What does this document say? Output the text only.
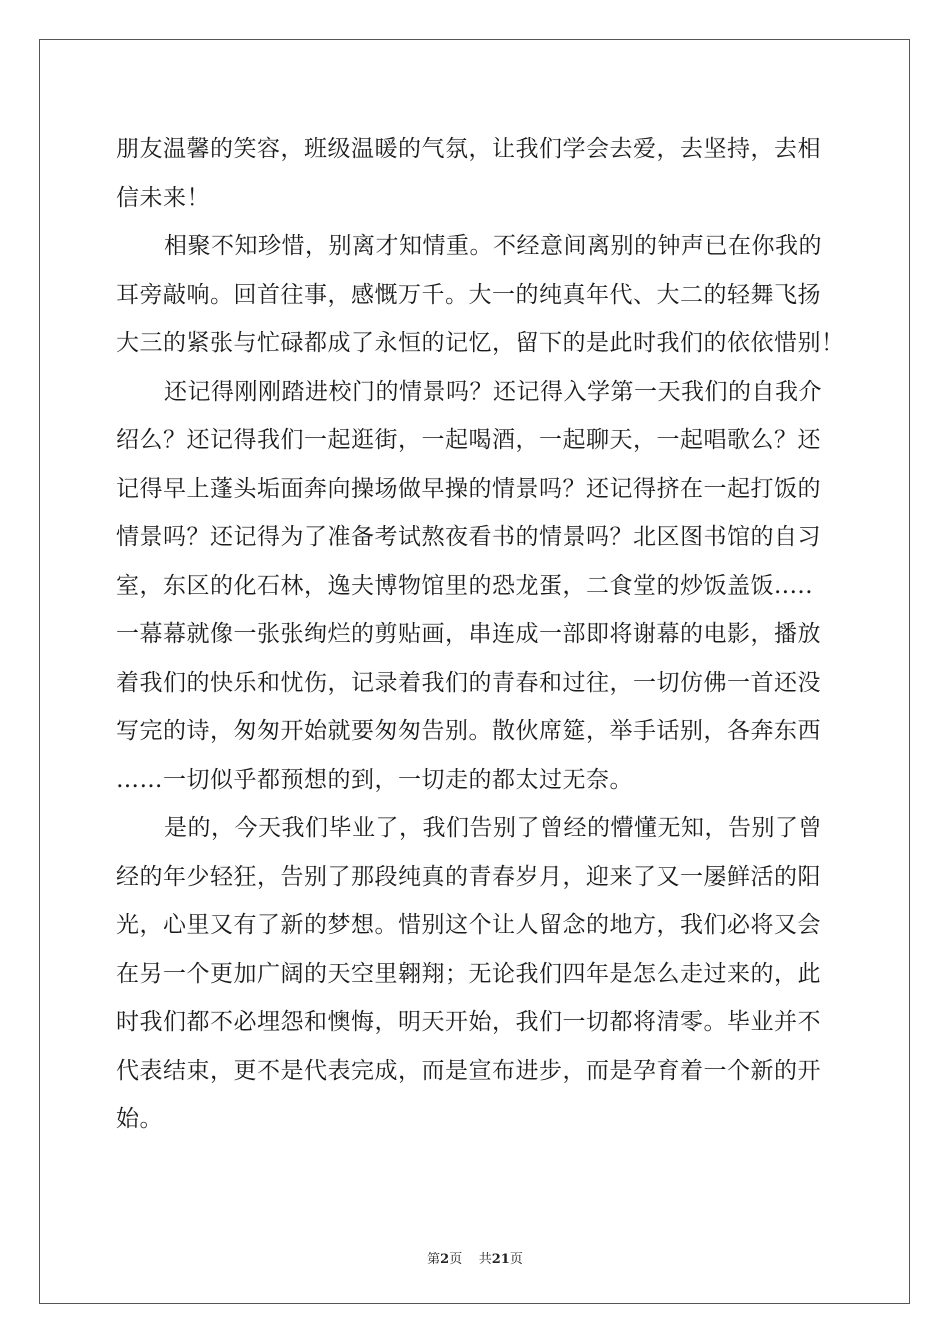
朋友温馨的笑容，班级温暖的气氛，让我们学会去爱，去坚持，去相
信未来！
相聚不知珍惜，别离才知情重。不经意间离别的钟声已在你我的
耳旁敲响。回首往事，感慨万千。大一的纯真年代、大二的轻舞飞扬
大三的紧张与忙碌都成了永恒的记忆，留下的是此时我们的依依惜别！
还记得刚刚踏进校门的情景吗？还记得入学第一天我们的自我介
绍么？还记得我们一起逛街，一起喝酒，一起聊天，一起唱歌么？还
记得早上蓬头垢面奔向操场做早操的情景吗？还记得挤在一起打饭的
情景吗？还记得为了准备考试熬夜看书的情景吗？北区图书馆的自习
室，东区的化石林，逸夫博物馆里的恐龙蛋，二食堂的炒饭盖饭.....
一幕幕就像一张张绚烂的剪贴画，串连成一部即将谢幕的电影，播放
着我们的快乐和忧伤，记录着我们的青春和过往，一切仿佛一首还没
写完的诗，匆匆开始就要匆匆告别。散伙席筵，举手话别，各奔东西
……一切似乎都预想的到，一切走的都太过无奈。
是的，今天我们毕业了，我们告别了曾经的懵懂无知，告别了曾
经的年少轻狂，告别了那段纯真的青春岁月，迎来了又一屡鲜活的阳
光，心里又有了新的梦想。惜别这个让人留念的地方，我们必将又会
在另一个更加广阔的天空里翱翔；无论我们四年是怎么走过来的，此
时我们都不必埋怨和懊悔，明天开始，我们一切都将清零。毕业并不
代表结束，更不是代表完成，而是宣布进步，而是孕育着一个新的开
始。
第2页 共21页
